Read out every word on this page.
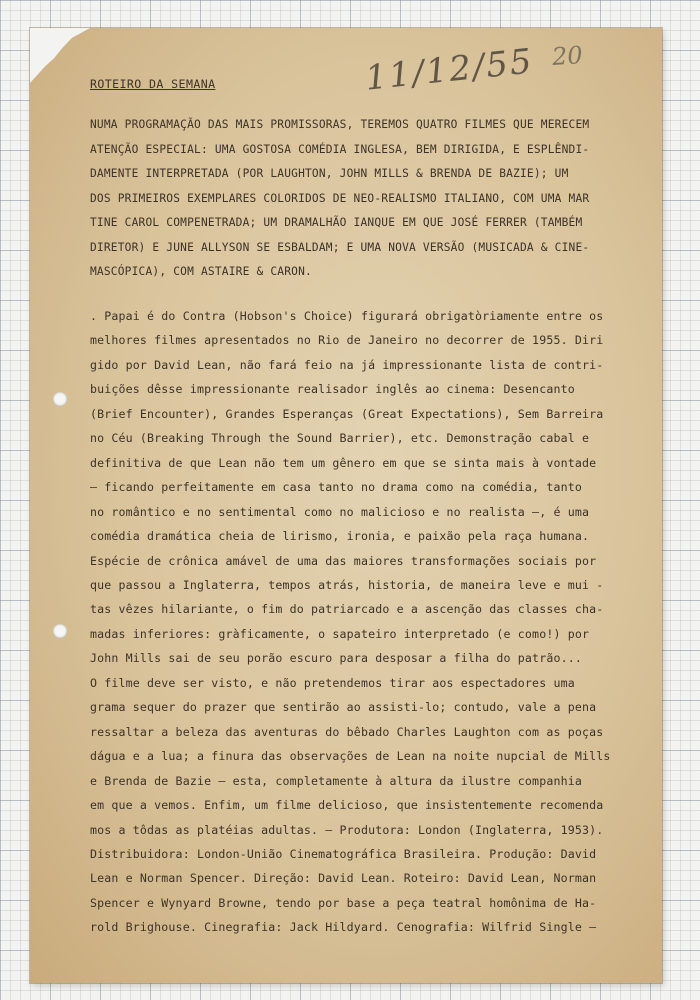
11/12/55 20

ROTEIRO DA SEMANA

NUMA PROGRAMAÇÃO DAS MAIS PROMISSORAS, TEREMOS QUATRO FILMES QUE MERECEM
ATENÇÃO ESPECIAL: UMA GOSTOSA COMÉDIA INGLESA, BEM DIRIGIDA, E ESPLÊNDI-
DAMENTE INTERPRETADA (POR LAUGHTON, JOHN MILLS & BRENDA DE BAZIE); UM
DOS PRIMEIROS EXEMPLARES COLORIDOS DE NEO-REALISMO ITALIANO, COM UMA MAR
TINE CAROL COMPENETRADA; UM DRAMALHÃO IANQUE EM QUE JOSÉ FERRER (TAMBÉM
DIRETOR) E JUNE ALLYSON SE ESBALDAM; E UMA NOVA VERSÃO (MUSICADA & CINE-
MASCÓPICA), COM ASTAIRE & CARON.
. Papai é do Contra (Hobson's Choice) figurará obrigatòriamente entre os
melhores filmes apresentados no Rio de Janeiro no decorrer de 1955. Diri
gido por David Lean, não fará feio na já impressionante lista de contri-
buições dêsse impressionante realisador inglês ao cinema: Desencanto
(Brief Encounter), Grandes Esperanças (Great Expectations), Sem Barreira
no Céu (Breaking Through the Sound Barrier), etc. Demonstração cabal e
definitiva de que Lean não tem um gênero em que se sinta mais à vontade
— ficando perfeitamente em casa tanto no drama como na comédia, tanto
no romântico e no sentimental como no malicioso e no realista —, é uma
comédia dramática cheia de lirismo, ironia, e paixão pela raça humana.
Espécie de crônica amável de uma das maiores transformações sociais por
que passou a Inglaterra, tempos atrás, historia, de maneira leve e mui -
tas vêzes hilariante, o fim do patriarcado e a ascenção das classes cha-
madas inferiores: gràficamente, o sapateiro interpretado (e como!) por
John Mills sai de seu porão escuro para desposar a filha do patrão...
O filme deve ser visto, e não pretendemos tirar aos espectadores uma
grama sequer do prazer que sentirão ao assisti-lo; contudo, vale a pena
ressaltar a beleza das aventuras do bêbado Charles Laughton com as poças
dágua e a lua; a finura das observações de Lean na noite nupcial de Mills
e Brenda de Bazie — esta, completamente à altura da ilustre companhia
em que a vemos. Enfim, um filme delicioso, que insistentemente recomenda
mos a tôdas as platéias adultas. — Produtora: London (Inglaterra, 1953).
Distribuidora: London-União Cinematográfica Brasileira. Produção: David
Lean e Norman Spencer. Direção: David Lean. Roteiro: David Lean, Norman
Spencer e Wynyard Browne, tendo por base a peça teatral homônima de Ha-
rold Brighouse. Cinegrafia: Jack Hildyard. Cenografia: Wilfrid Single —
